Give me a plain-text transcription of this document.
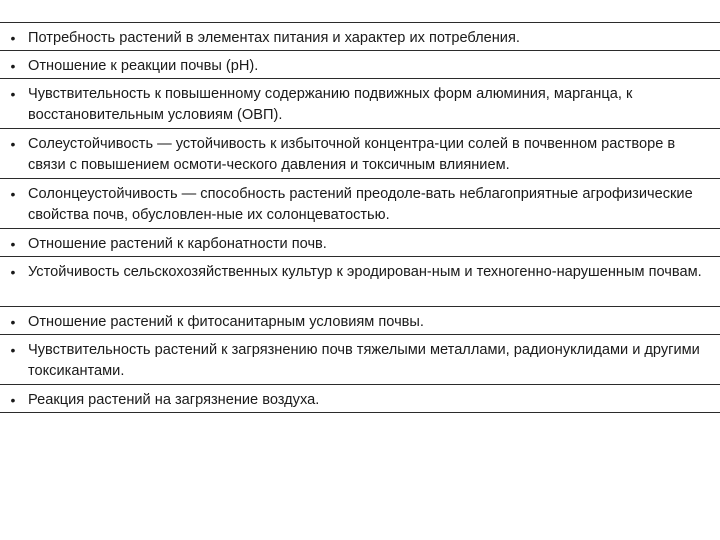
• Потребность растений в элементах питания и характер их потребления.
• Отношение к реакции почвы (рН).
• Чувствительность к повышенному содержанию подвижных форм алюминия, марганца, к восстановительным условиям (ОВП).
• Солеустойчивость — устойчивость к избыточной концентра-ции солей в почвенном растворе в связи с повышением осмоти-ческого давления и токсичным влиянием.
• Солонцеустойчивость — способность растений преодоле-вать неблагоприятные агрофизические свойства почв, обусловлен-ные их солонцеватостью.
• Отношение растений к карбонатности почв.
• Устойчивость сельскохозяйственных культур к эродирован-ным и техногенно-нарушенным почвам.
• Отношение растений к фитосанитарным условиям почвы.
• Чувствительность растений к загрязнению почв тяжелыми металлами, радионуклидами и другими токсикантами.
• Реакция растений на загрязнение воздуха.
